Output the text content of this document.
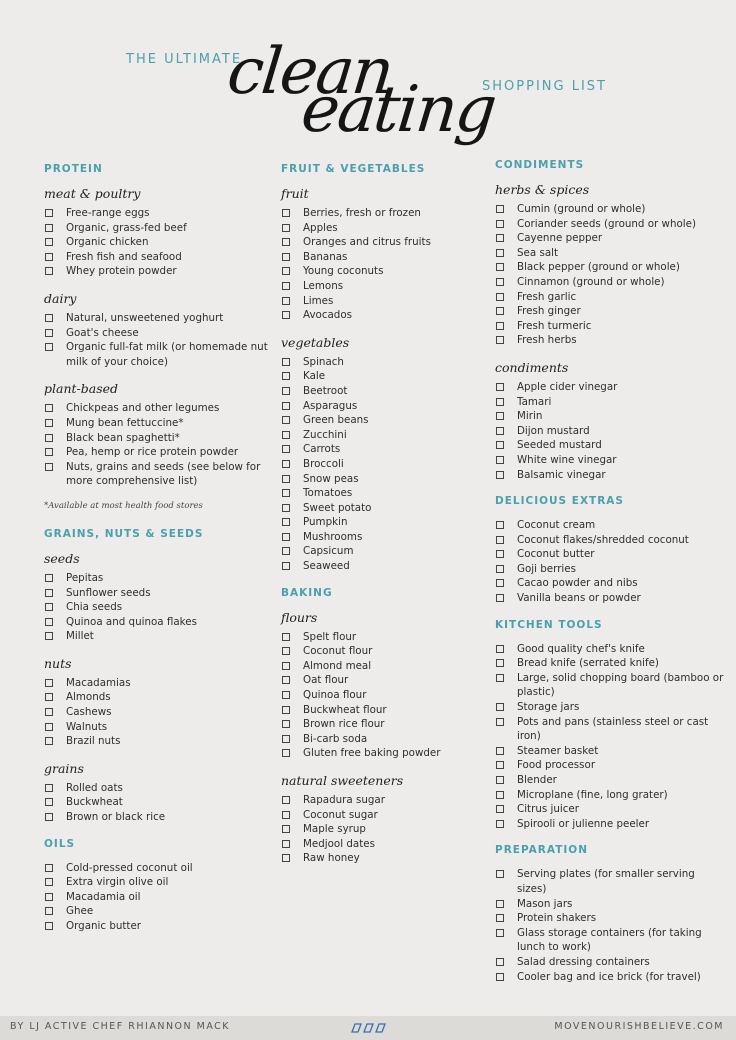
THE ULTIMATE
clean
eating
SHOPPING LIST
PROTEIN
meat & poultry
Free-range eggs
Organic, grass-fed beef
Organic chicken
Fresh fish and seafood
Whey protein powder
dairy
Natural, unsweetened yoghurt
Goat's cheese
Organic full-fat milk (or homemade nut milk of your choice)
plant-based
Chickpeas and other legumes
Mung bean fettuccine*
Black bean spaghetti*
Pea, hemp or rice protein powder
Nuts, grains and seeds (see below for more comprehensive list)
*Available at most health food stores
GRAINS, NUTS & SEEDS
seeds
Pepitas
Sunflower seeds
Chia seeds
Quinoa and quinoa flakes
Millet
nuts
Macadamias
Almonds
Cashews
Walnuts
Brazil nuts
grains
Rolled oats
Buckwheat
Brown or black rice
OILS
Cold-pressed coconut oil
Extra virgin olive oil
Macadamia oil
Ghee
Organic butter
FRUIT & VEGETABLES
fruit
Berries, fresh or frozen
Apples
Oranges and citrus fruits
Bananas
Young coconuts
Lemons
Limes
Avocados
vegetables
Spinach
Kale
Beetroot
Asparagus
Green beans
Zucchini
Carrots
Broccoli
Snow peas
Tomatoes
Sweet potato
Pumpkin
Mushrooms
Capsicum
Seaweed
BAKING
flours
Spelt flour
Coconut flour
Almond meal
Oat flour
Quinoa flour
Buckwheat flour
Brown rice flour
Bi-carb soda
Gluten free baking powder
natural sweeteners
Rapadura sugar
Coconut sugar
Maple syrup
Medjool dates
Raw honey
CONDIMENTS
herbs & spices
Cumin (ground or whole)
Coriander seeds (ground or whole)
Cayenne pepper
Sea salt
Black pepper (ground or whole)
Cinnamon (ground or whole)
Fresh garlic
Fresh ginger
Fresh turmeric
Fresh herbs
condiments
Apple cider vinegar
Tamari
Mirin
Dijon mustard
Seeded mustard
White wine vinegar
Balsamic vinegar
DELICIOUS EXTRAS
Coconut cream
Coconut flakes/shredded coconut
Coconut butter
Goji berries
Cacao powder and nibs
Vanilla beans or powder
KITCHEN TOOLS
Good quality chef's knife
Bread knife (serrated knife)
Large, solid chopping board (bamboo or plastic)
Storage jars
Pots and pans (stainless steel or cast iron)
Steamer basket
Food processor
Blender
Microplane (fine, long grater)
Citrus juicer
Spirooli or julienne peeler
PREPARATION
Serving plates (for smaller serving sizes)
Mason jars
Protein shakers
Glass storage containers (for taking lunch to work)
Salad dressing containers
Cooler bag and ice brick (for travel)
BY LJ ACTIVE CHEF RHIANNON MACK	MOVENOURISHBELIEVE.COM
